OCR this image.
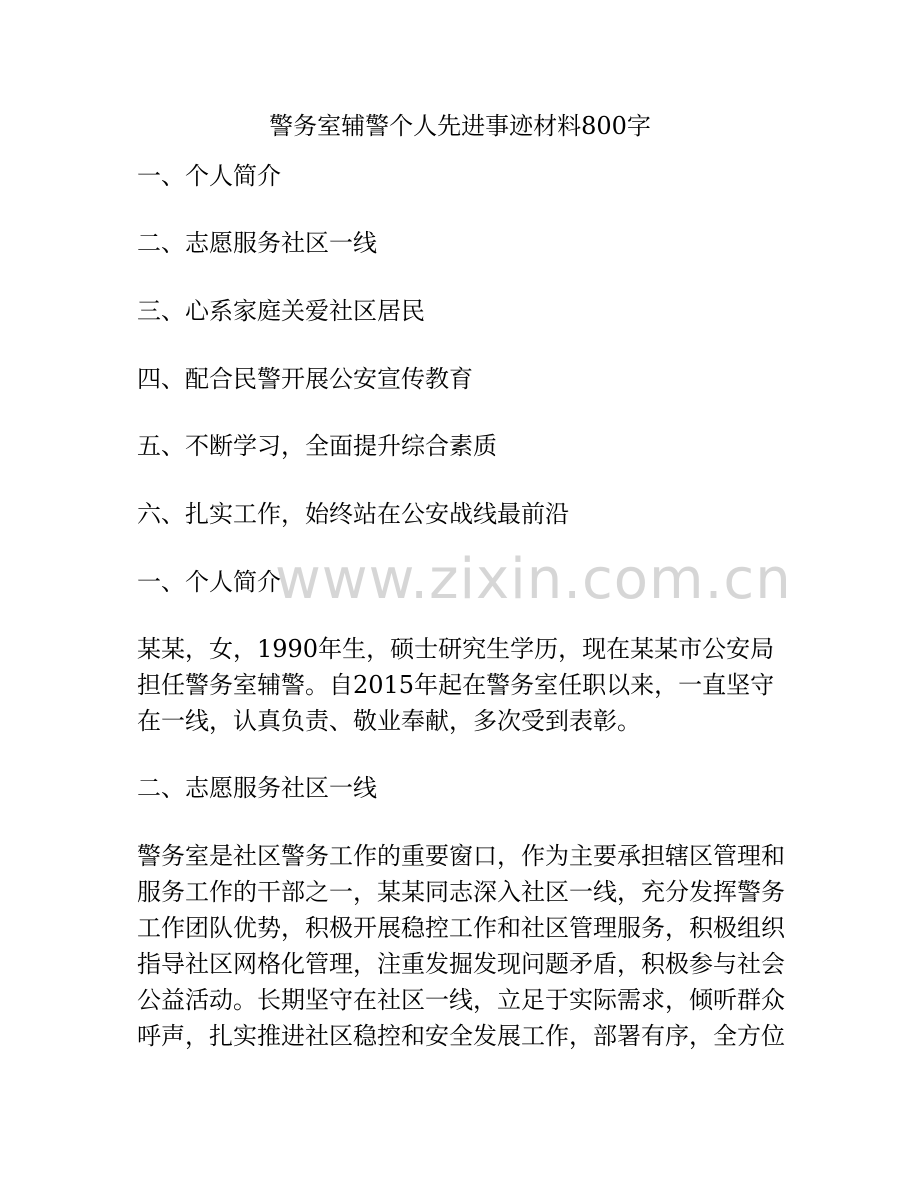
警务室辅警个人先进事迹材料800字
一、个人简介
二、志愿服务社区一线
三、心系家庭关爱社区居民
四、配合民警开展公安宣传教育
五、不断学习，全面提升综合素质
六、扎实工作，始终站在公安战线最前沿
一、个人简介
某某，女，1990年生，硕士研究生学历，现在某某市公安局
担任警务室辅警。自2015年起在警务室任职以来，一直坚守
在一线，认真负责、敬业奉献，多次受到表彰。
二、志愿服务社区一线
警务室是社区警务工作的重要窗口，作为主要承担辖区管理和
服务工作的干部之一，某某同志深入社区一线，充分发挥警务
工作团队优势，积极开展稳控工作和社区管理服务，积极组织
指导社区网格化管理，注重发掘发现问题矛盾，积极参与社会
公益活动。长期坚守在社区一线，立足于实际需求，倾听群众
呼声，扎实推进社区稳控和安全发展工作，部署有序，全方位
www.zixin.com.cn
